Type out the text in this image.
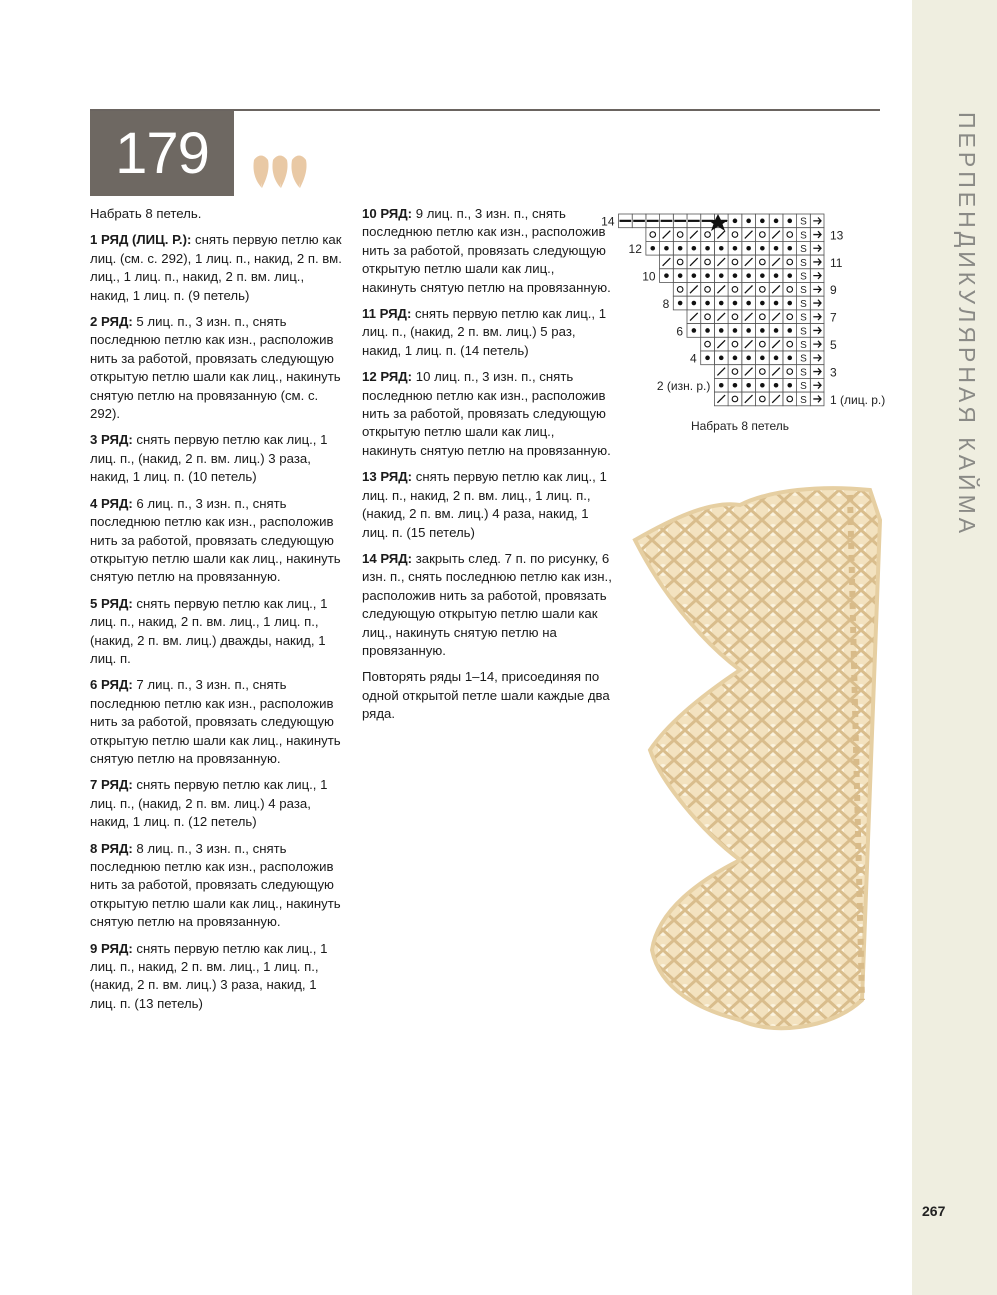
ПЕРПЕНДИКУЛЯРНАЯ КАЙМА
179

Набрать 8 петель.

1 РЯД (ЛИЦ. Р.): снять первую петлю как лиц. (см. с. 292), 1 лиц. п., накид, 2 п. вм. лиц., 1 лиц. п., накид, 2 п. вм. лиц., накид, 1 лиц. п. (9 петель)

2 РЯД: 5 лиц. п., 3 изн. п., снять последнюю петлю как изн., расположив нить за работой, провязать следующую открытую петлю шали как лиц., накинуть снятую петлю на провязанную (см. с. 292).

3 РЯД: снять первую петлю как лиц., 1 лиц. п., (накид, 2 п. вм. лиц.) 3 раза, накид, 1 лиц. п. (10 петель)

4 РЯД: 6 лиц. п., 3 изн. п., снять последнюю петлю как изн., расположив нить за работой, провязать следующую открытую петлю шали как лиц., накинуть снятую петлю на провязанную.

5 РЯД: снять первую петлю как лиц., 1 лиц. п., накид, 2 п. вм. лиц., 1 лиц. п., (накид, 2 п. вм. лиц.) дважды, накид, 1 лиц. п.

6 РЯД: 7 лиц. п., 3 изн. п., снять последнюю петлю как изн., расположив нить за работой, провязать следующую открытую петлю шали как лиц., накинуть снятую петлю на провязанную.

7 РЯД: снять первую петлю как лиц., 1 лиц. п., (накид, 2 п. вм. лиц.) 4 раза, накид, 1 лиц. п. (12 петель)

8 РЯД: 8 лиц. п., 3 изн. п., снять последнюю петлю как изн., расположив нить за работой, провязать следующую открытую петлю шали как лиц., накинуть снятую петлю на провязанную.

9 РЯД: снять первую петлю как лиц., 1 лиц. п., накид, 2 п. вм. лиц., 1 лиц. п., (накид, 2 п. вм. лиц.) 3 раза, накид, 1 лиц. п. (13 петель)

10 РЯД: 9 лиц. п., 3 изн. п., снять последнюю петлю как изн., расположив нить за работой, провязать следующую открытую петлю шали как лиц., накинуть снятую петлю на провязанную.

11 РЯД: снять первую петлю как лиц., 1 лиц. п., (накид, 2 п. вм. лиц.) 5 раз, накид, 1 лиц. п. (14 петель)

12 РЯД: 10 лиц. п., 3 изн. п., снять последнюю петлю как изн., расположив нить за работой, провязать следующую открытую петлю шали как лиц., накинуть снятую петлю на провязанную.

13 РЯД: снять первую петлю как лиц., 1 лиц. п., накид, 2 п. вм. лиц., 1 лиц. п., (накид, 2 п. вм. лиц.) 4 раза, накид, 1 лиц. п. (15 петель)

14 РЯД: закрыть след. 7 п. по рисунку, 6 изн. п., снять последнюю петлю как изн., расположив нить за работой, провязать следующую открытую петлю шали как лиц., накинуть снятую петлю на провязанную.

Повторять ряды 1–14, присоединяя по одной открытой петле шали каждые два ряда.

S
14
S 13
S
12
S 11
S
10
S 9
S
8
S 7
S
6
S 5
S
4
S 3
S
2 (изн. р.)
S 1 (лиц. р.)
Набрать 8 петель
267
